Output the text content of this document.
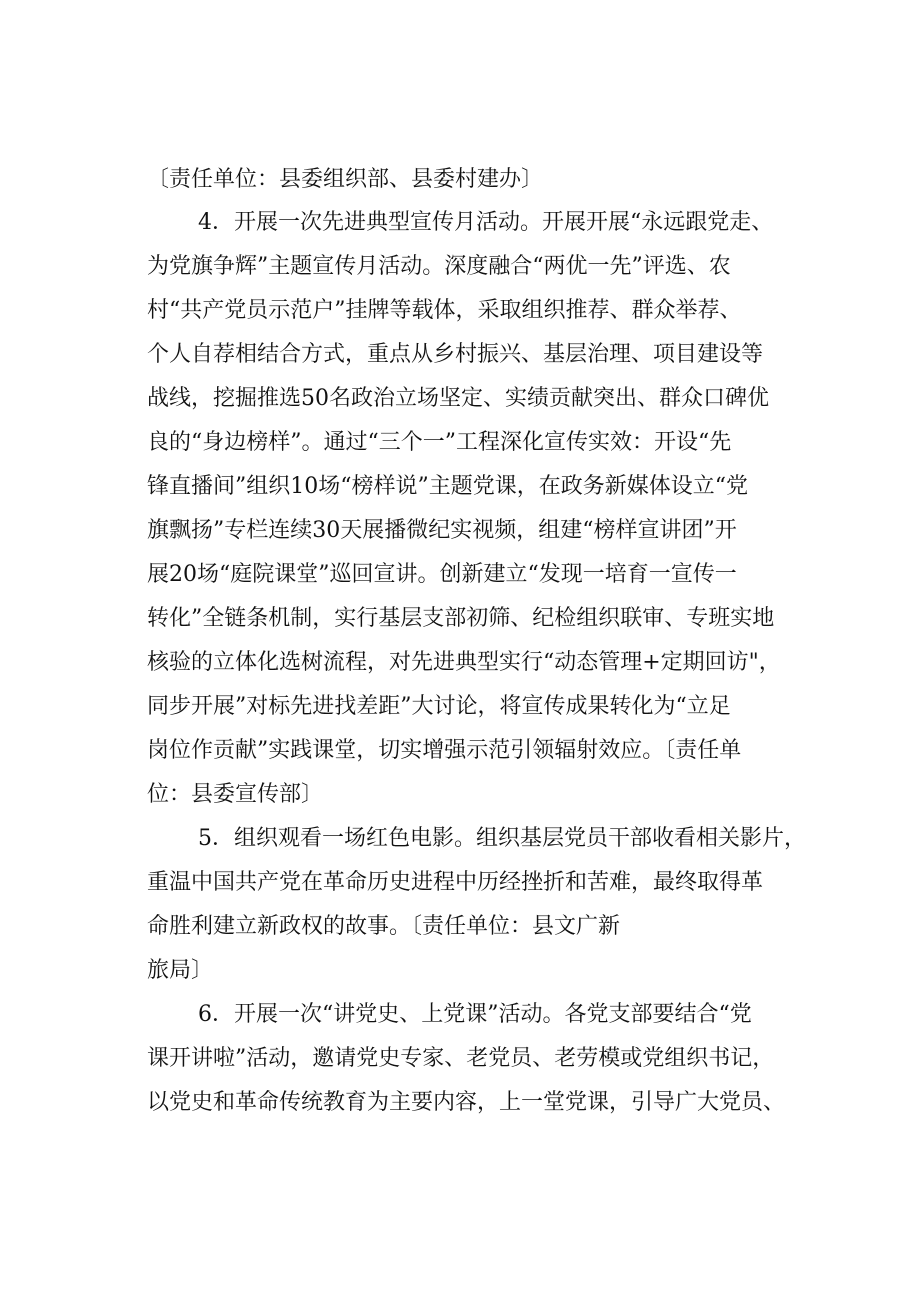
〔责任单位：县委组织部、县委村建办〕
4．开展一次先进典型宣传月活动。开展开展“永远跟党走、
为党旗争辉”主题宣传月活动。深度融合“两优一先”评选、农
村“共产党员示范户”挂牌等载体，采取组织推荐、群众举荐、
个人自荐相结合方式，重点从乡村振兴、基层治理、项目建设等
战线，挖掘推选50名政治立场坚定、实绩贡献突出、群众口碑优
良的“身边榜样”。通过“三个一”工程深化宣传实效：开设“先
锋直播间”组织10场“榜样说”主题党课，在政务新媒体设立“党
旗飘扬”专栏连续30天展播微纪实视频，组建“榜样宣讲团”开
展20场“庭院课堂”巡回宣讲。创新建立“发现一培育一宣传一
转化”全链条机制，实行基层支部初筛、纪检组织联审、专班实地
核验的立体化选树流程，对先进典型实行“动态管理+定期回访"，
同步开展”对标先进找差距”大讨论，将宣传成果转化为“立足
岗位作贡献”实践课堂，切实增强示范引领辐射效应。〔责任单
位：县委宣传部〕
5．组织观看一场红色电影。组织基层党员干部收看相关影片，
重温中国共产党在革命历史进程中历经挫折和苦难，最终取得革
命胜利建立新政权的故事。〔责任单位：县文广新
旅局〕
6．开展一次“讲党史、上党课”活动。各党支部要结合“党
课开讲啦”活动，邀请党史专家、老党员、老劳模或党组织书记，
以党史和革命传统教育为主要内容，上一堂党课，引导广大党员、
